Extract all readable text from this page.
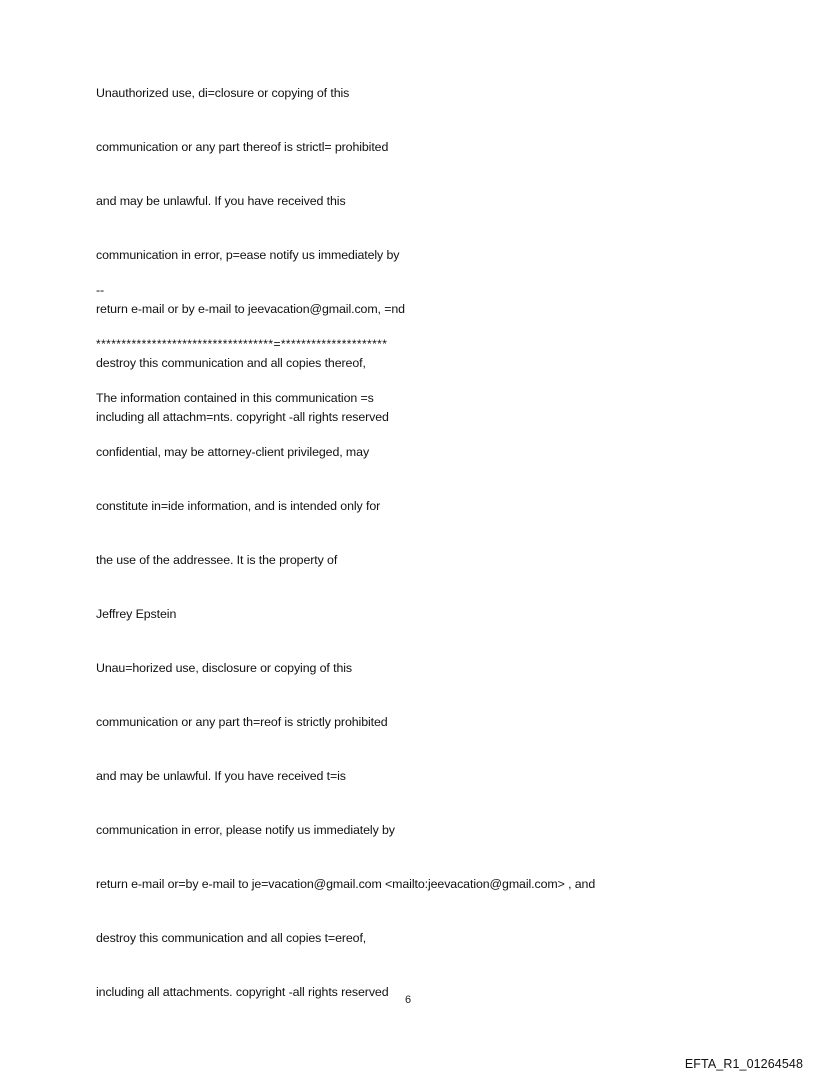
Unauthorized use, di=closure or copying of this

communication or any part thereof is strictl= prohibited

and may be unlawful. If you have received this

communication in error, p=ease notify us immediately by

return e-mail or by e-mail to jeevacation@gmail.com, =nd

destroy this communication and all copies thereof,

including all attachm=nts. copyright -all rights reserved

--

***********************************=*********************

The information contained in this communication =s

confidential, may be attorney-client privileged, may

constitute in=ide information, and is intended only for

the use of the addressee. It is the property of

Jeffrey Epstein

Unau=horized use, disclosure or copying of this

communication or any part th=reof is strictly prohibited

and may be unlawful. If you have received t=is

communication in error, please notify us immediately by

return e-mail or=by e-mail to je=vacation@gmail.com <mailto:jeevacation@gmail.com> , and

destroy this communication and all copies t=ereof,

including all attachments. copyright -all rights reserved

6
EFTA_R1_01264548
